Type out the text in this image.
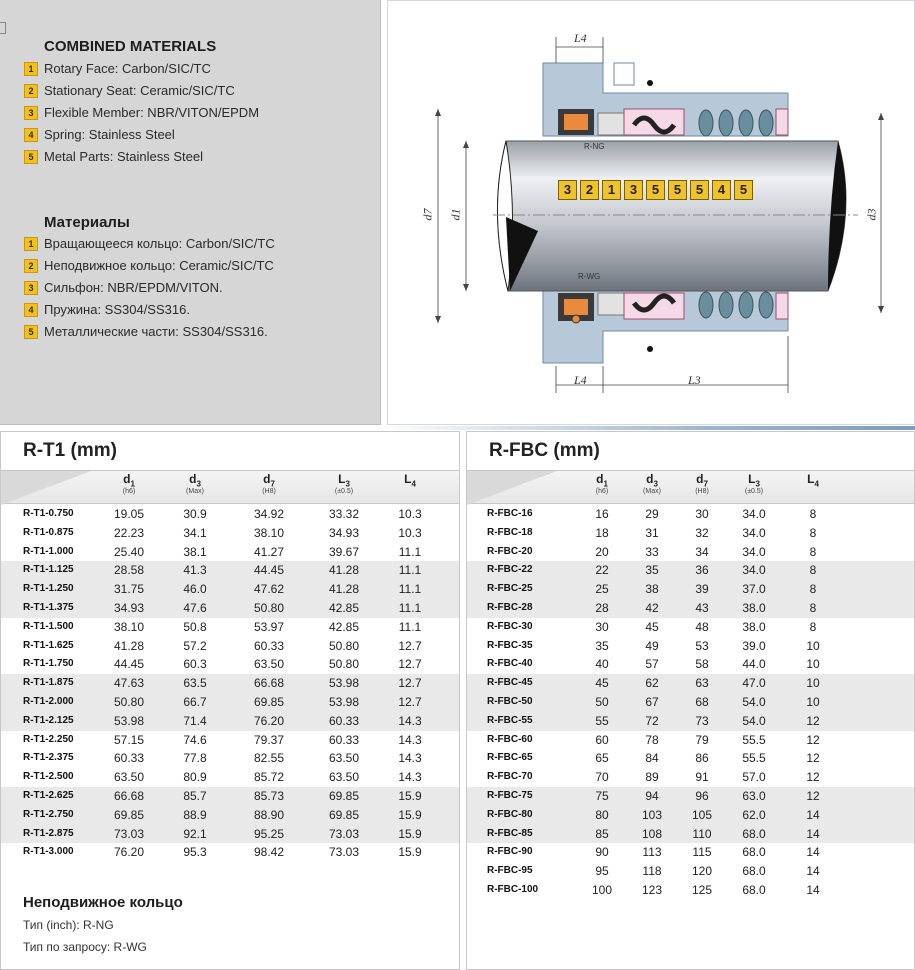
COMBINED MATERIALS
1 Rotary Face: Carbon/SIC/TC
2 Stationary Seat: Ceramic/SIC/TC
3 Flexible Member: NBR/VITON/EPDM
4 Spring: Stainless Steel
5 Metal Parts: Stainless Steel
Материалы
1 Вращающееся кольцо: Carbon/SIC/TC
2 Неподвижное кольцо: Ceramic/SIC/TC
3 Сильфон: NBR/EPDM/VITON.
4 Пружина: SS304/SS316.
5 Металлические части: SS304/SS316.
3	2	1	3	5	5	5	4	5
L4
L4	L3
d7 d1	d3
R-NG
R-WG
R-T1 (mm)
$d_1$
(h6)
$d_3$
(Max)
$d_7$
(H8)
$L_3$
(±0.5)
$L_4$
R-T1-0.750	19.05	30.9	34.92	33.32	10.3
R-T1-0.875	22.23	34.1	38.10	34.93	10.3
R-T1-1.000	25.40	38.1	41.27	39.67	11.1
R-T1-1.125	28.58	41.3	44.45	41.28	11.1
R-T1-1.250	31.75	46.0	47.62	41.28	11.1
R-T1-1.375	34.93	47.6	50.80	42.85	11.1
R-T1-1.500	38.10	50.8	53.97	42.85	11.1
R-T1-1.625	41.28	57.2	60.33	50.80	12.7
R-T1-1.750	44.45	60.3	63.50	50.80	12.7
R-T1-1.875	47.63	63.5	66.68	53.98	12.7
R-T1-2.000	50.80	66.7	69.85	53.98	12.7
R-T1-2.125	53.98	71.4	76.20	60.33	14.3
R-T1-2.250	57.15	74.6	79.37	60.33	14.3
R-T1-2.375	60.33	77.8	82.55	63.50	14.3
R-T1-2.500	63.50	80.9	85.72	63.50	14.3
R-T1-2.625	66.68	85.7	85.73	69.85	15.9
R-T1-2.750	69.85	88.9	88.90	69.85	15.9
R-T1-2.875	73.03	92.1	95.25	73.03	15.9
R-T1-3.000	76.20	95.3	98.42	73.03	15.9
Неподвижное кольцо
Тип (inch): R-NG
Тип по запросу: R-WG
R-FBC (mm)
$d_1$
(h6)
$d_3$
(Max)
$d_7$
(H8)
$L_3$
(±0.5)
$L_4$
R-FBC-16	16	29	30	34.0	8
R-FBC-18	18	31	32	34.0	8
R-FBC-20	20	33	34	34.0	8
R-FBC-22	22	35	36	34.0	8
R-FBC-25	25	38	39	37.0	8
R-FBC-28	28	42	43	38.0	8
R-FBC-30	30	45	48	38.0	8
R-FBC-35	35	49	53	39.0	10
R-FBC-40	40	57	58	44.0	10
R-FBC-45	45	62	63	47.0	10
R-FBC-50	50	67	68	54.0	10
R-FBC-55	55	72	73	54.0	12
R-FBC-60	60	78	79	55.5	12
R-FBC-65	65	84	86	55.5	12
R-FBC-70	70	89	91	57.0	12
R-FBC-75	75	94	96	63.0	12
R-FBC-80	80	103	105	62.0	14
R-FBC-85	85	108	110	68.0	14
R-FBC-90	90	113	115	68.0	14
R-FBC-95	95	118	120	68.0	14
R-FBC-100	100	123	125	68.0	14
